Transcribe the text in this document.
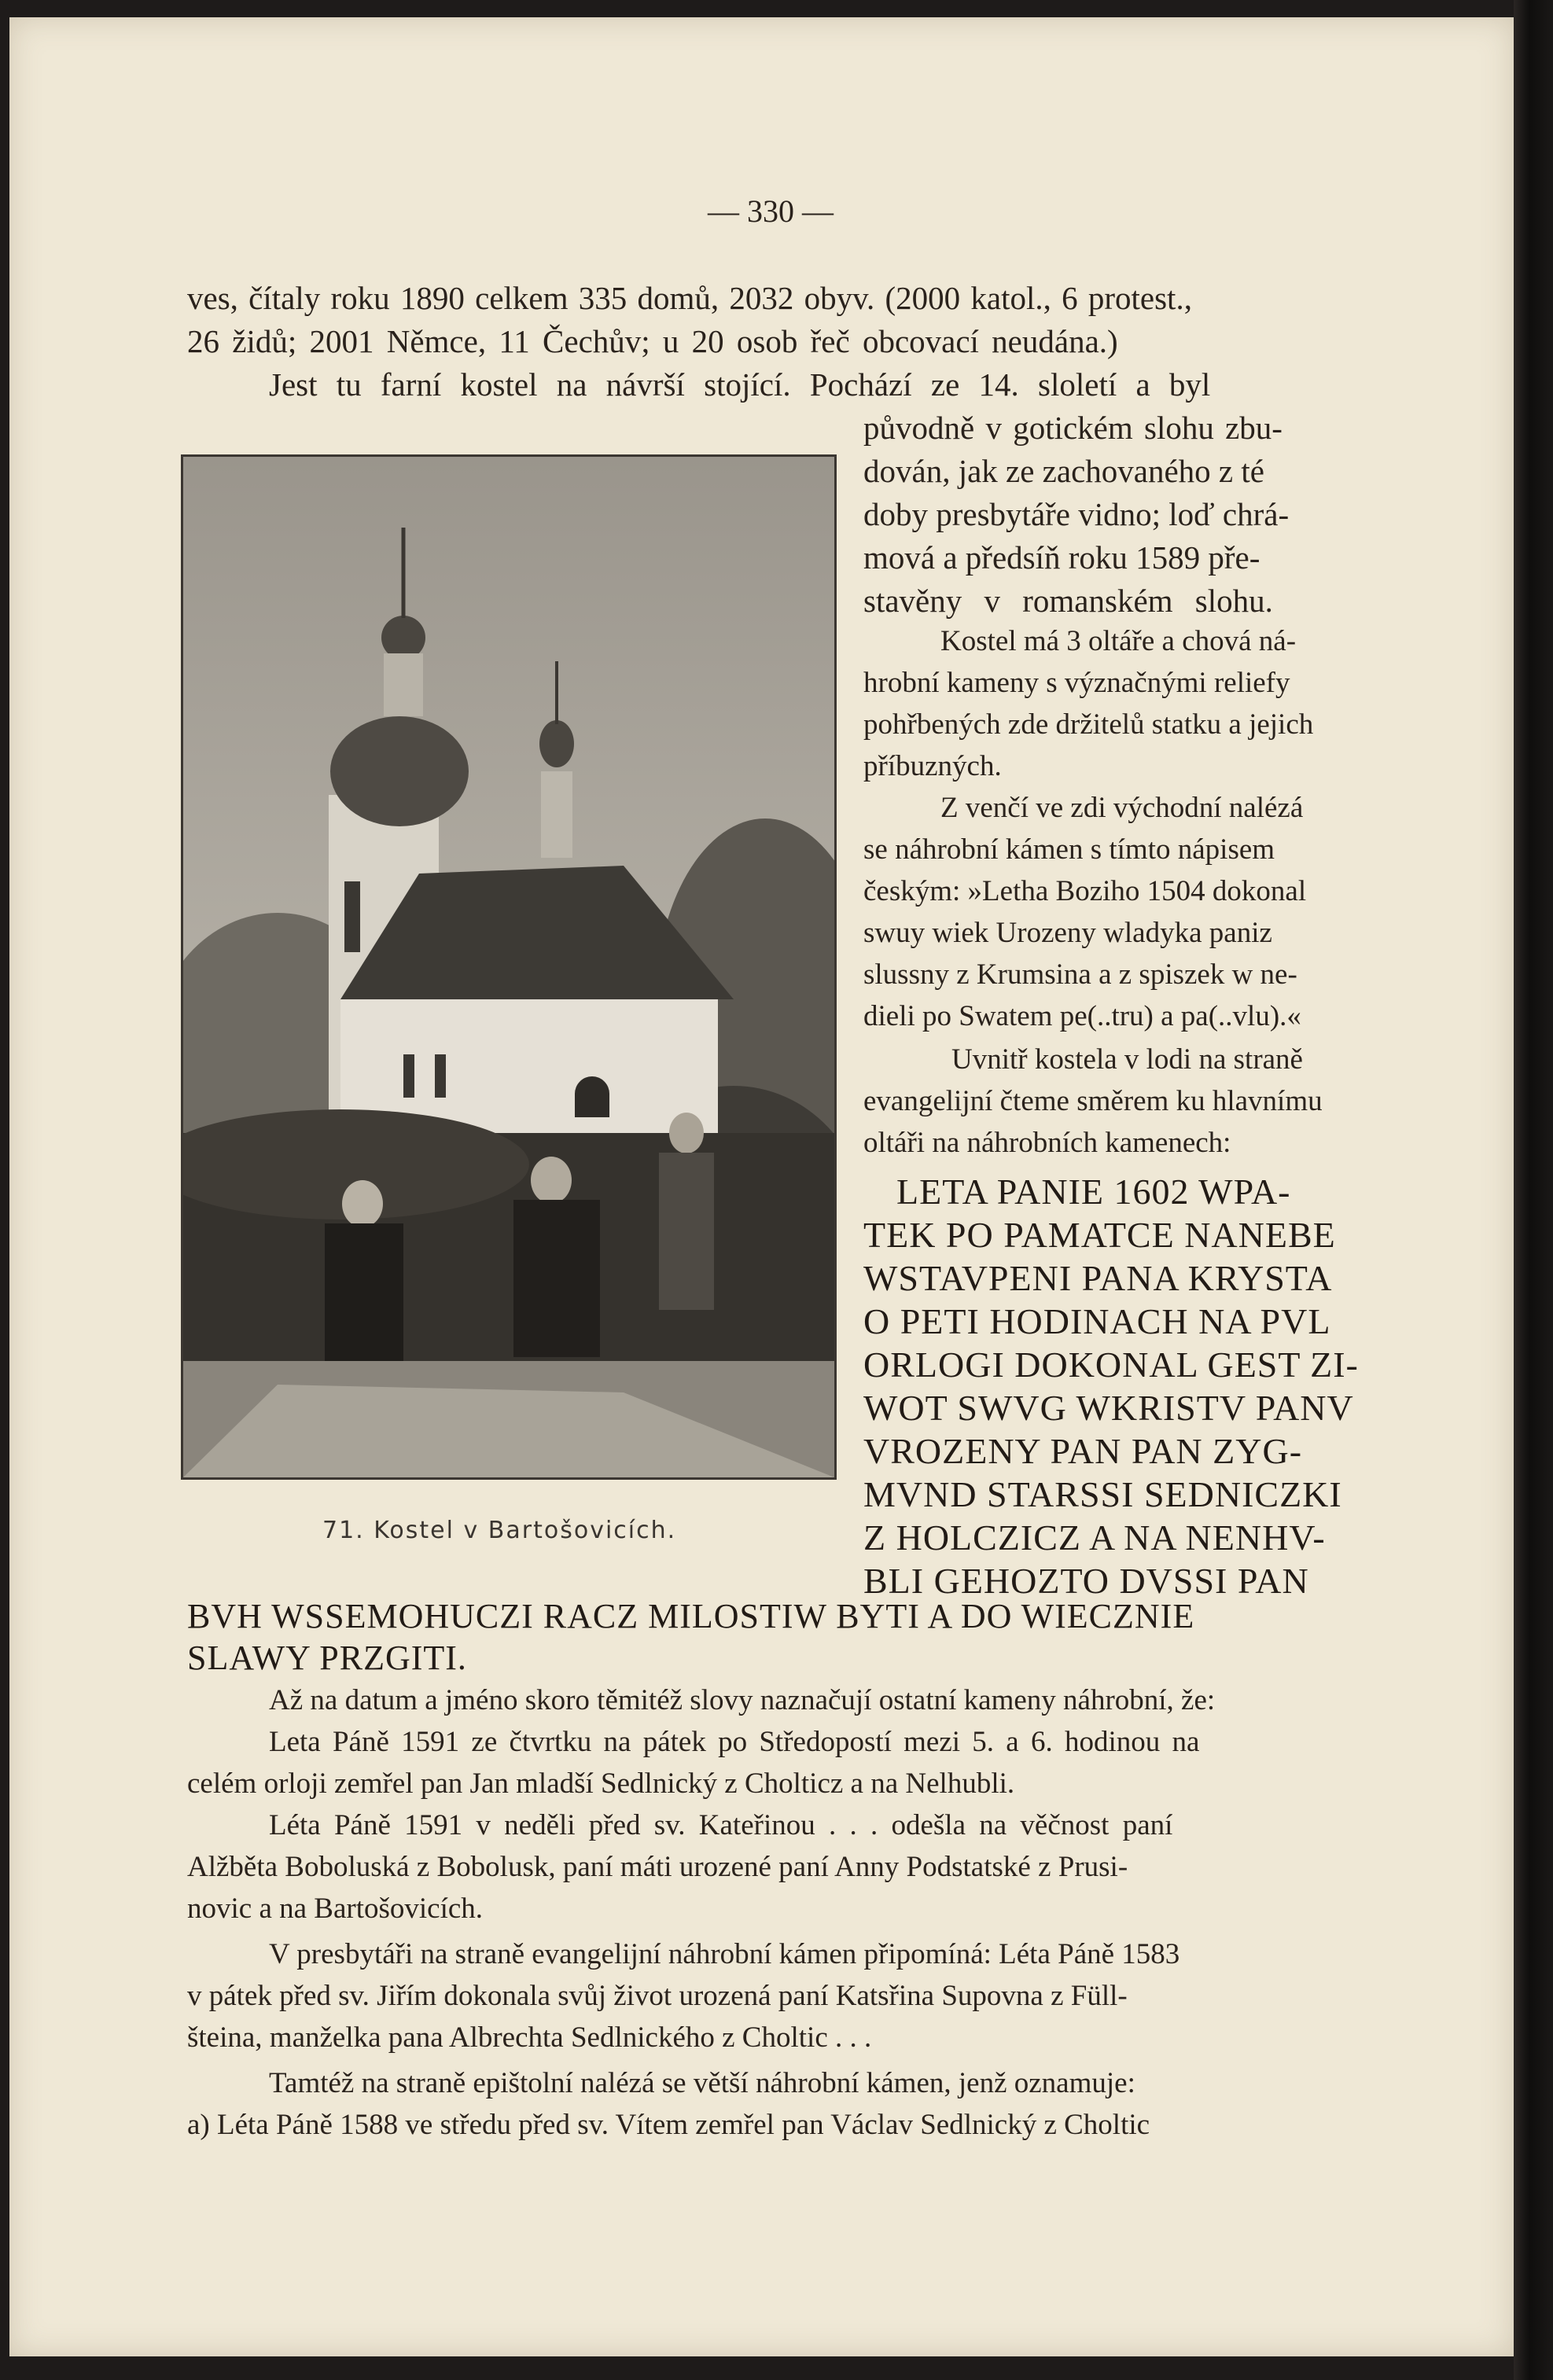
— 330 —
ves, čítaly roku 1890 celkem 335 domů, 2032 obyv. (2000 katol., 6 protest.,
26 židů; 2001 Němce, 11 Čechův; u 20 osob řeč obcovací neudána.)
Jest tu farní kostel na návrší stojící. Pochází ze 14. sloletí a byl
71. Kostel v Bartošovicích.
původně v gotickém slohu zbu-
dován, jak ze zachovaného z té
doby presbytáře vidno; loď chrá-
mová a předsíň roku 1589 pře-
stavěny v romanském slohu.
Kostel má 3 oltáře a chová ná-
hrobní kameny s význačnými reliefy
pohřbených zde držitelů statku a jejich
příbuzných.
Z venčí ve zdi východní nalézá
se náhrobní kámen s tímto nápisem
českým: »Letha Boziho 1504 dokonal
swuy wiek Urozeny wladyka paniz
slussny z Krumsina a z spiszek w ne-
dieli po Swatem pe(..tru) a pa(..vlu).«
Uvnitř kostela v lodi na straně
evangelijní čteme směrem ku hlavnímu
oltáři na náhrobních kamenech:
LETA PANIE 1602 WPA-
TEK PO PAMATCE NANEBE
WSTAVPENI PANA KRYSTA
O PETI HODINACH NA PVL
ORLOGI DOKONAL GEST ZI-
WOT SWVG WKRISTV PANV
VROZENY PAN PAN ZYG-
MVND STARSSI SEDNICZKI
Z HOLCZICZ A NA NENHV-
BLI GEHOZTO DVSSI PAN
BVH WSSEMOHUCZI RACZ MILOSTIW BYTI A DO WIECZNIE
SLAWY PRZGITI.
Až na datum a jméno skoro těmitéž slovy naznačují ostatní kameny náhrobní, že:
Leta Páně 1591 ze čtvrtku na pátek po Středopostí mezi 5. a 6. hodinou na
celém orloji zemřel pan Jan mladší Sedlnický z Cholticz a na Nelhubli.
Léta Páně 1591 v neděli před sv. Kateřinou . . . odešla na věčnost paní
Alžběta Boboluská z Bobolusk, paní máti urozené paní Anny Podstatské z Prusi-
novic a na Bartošovicích.
V presbytáři na straně evangelijní náhrobní kámen připomíná: Léta Páně 1583
v pátek před sv. Jiřím dokonala svůj život urozená paní Katsřina Supovna z Füll-
šteina, manželka pana Albrechta Sedlnického z Choltic . . .
Tamtéž na straně epištolní nalézá se větší náhrobní kámen, jenž oznamuje:
a) Léta Páně 1588 ve středu před sv. Vítem zemřel pan Václav Sedlnický z Choltic
